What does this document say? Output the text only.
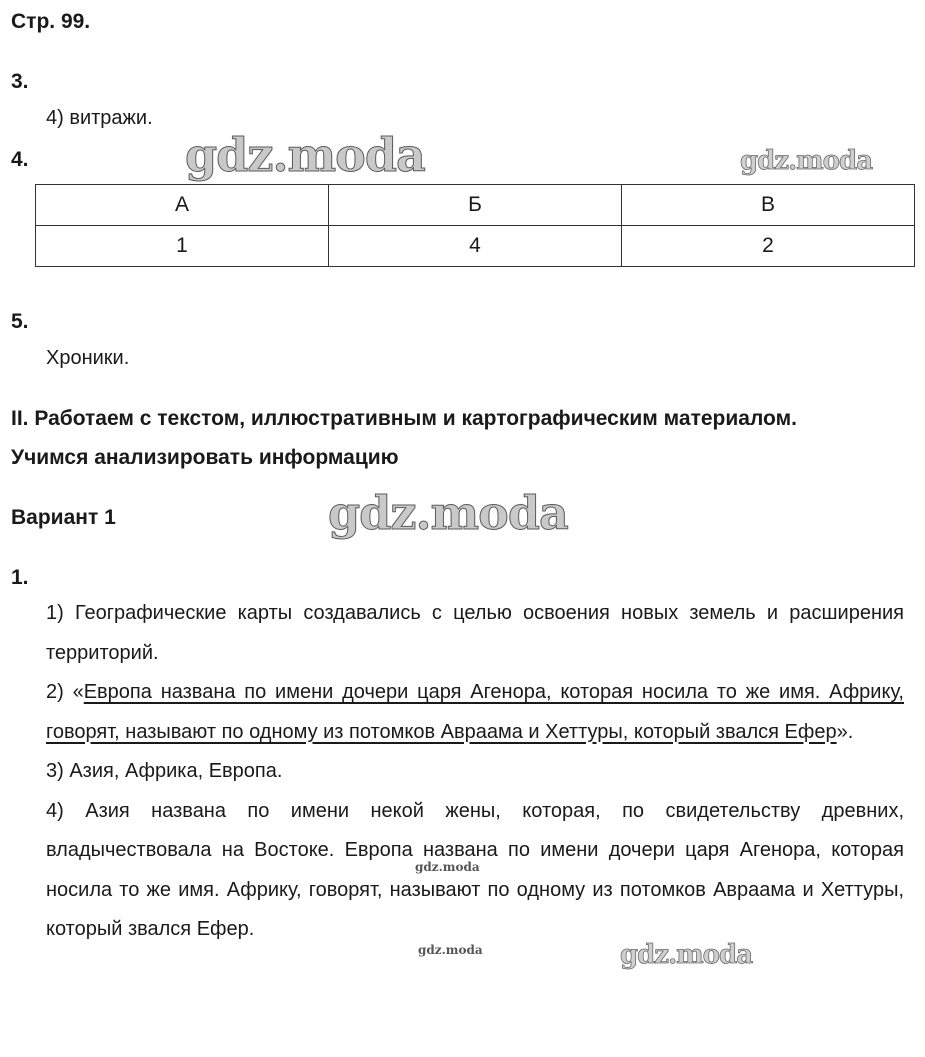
Стр. 99.
3.
4) витражи.
4.
А	Б	В
1	4	2
5.
Хроники.
II. Работаем с текстом, иллюстративным и картографическим материалом.
Учимся анализировать информацию
Вариант 1
1.
1) Географические карты создавались с целью освоения новых земель и расширения территорий.
2) «Европа названа по имени дочери царя Агенора, которая носила то же имя. Африку, говорят, называют по одному из потомков Авраама и Хеттуры, который звался Ефер».
3) Азия, Африка, Европа.
4) Азия названа по имени некой жены, которая, по свидетельству древних, владычествовала на Востоке. Европа названа по имени дочери царя Агенора, которая носила то же имя. Африку, говорят, называют по одному из потомков Авраама и Хеттуры, который звался Ефер.
gdz.moda	gdz.moda
gdz.moda
gdz.moda
gdz.moda	gdz.moda
